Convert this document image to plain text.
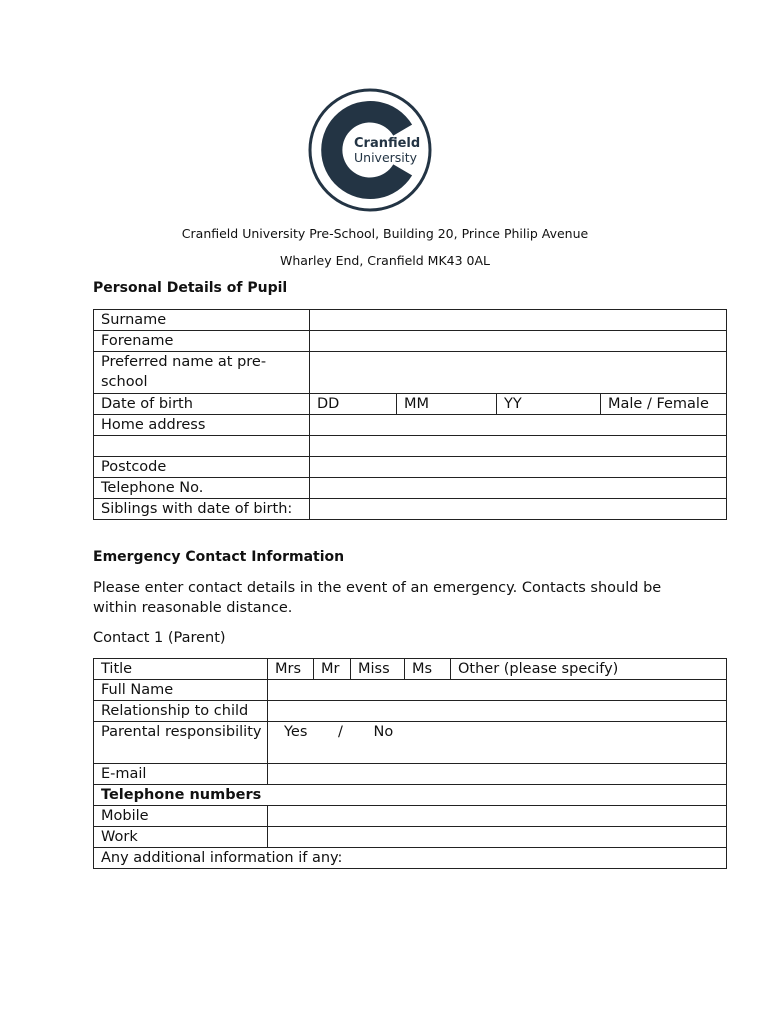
Cranfield
University
Cranfield University Pre-School, Building 20, Prince Philip Avenue
Wharley End, Cranfield MK43 0AL
Personal Details of Pupil
Surname				
Forename				
Preferred name at pre-school				
Date of birth	DD	MM	YY	Male / Female
Home address				

Postcode				
Telephone No.				
Siblings with date of birth:				
Emergency Contact Information
Please enter contact details in the event of an emergency. Contacts should be within reasonable distance.
Contact 1 (Parent)
Title	Mrs	Mr	Miss	Ms	Other (please specify)
Full Name					
Relationship to child					
Parental responsibility	Yes / No				
E-mail					
Telephone numbers					
Mobile					
Work					
Any additional information if any:					
